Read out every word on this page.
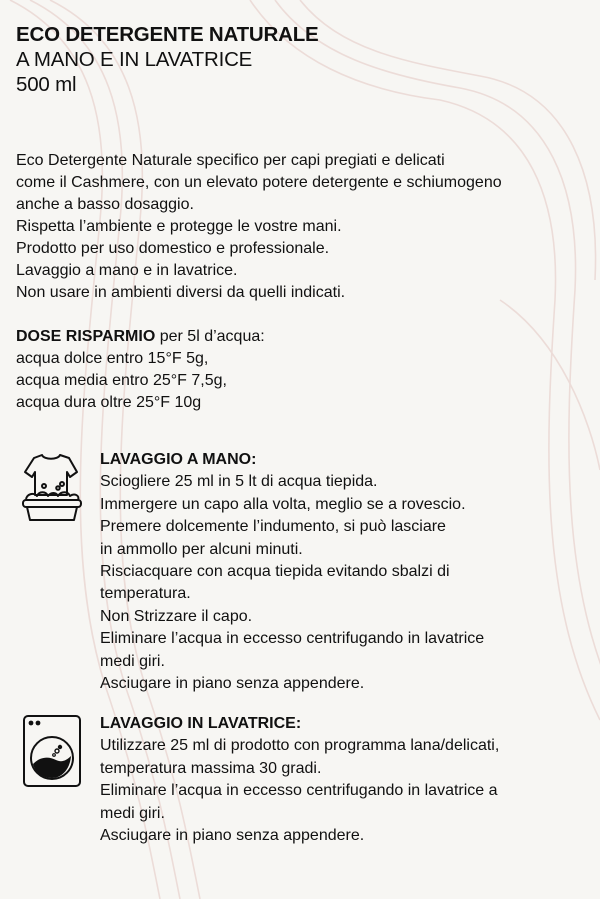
ECO DETERGENTE NATURALE
A MANO E IN LAVATRICE
500 ml
Eco Detergente Naturale specifico per capi pregiati e delicati
come il Cashmere, con un elevato potere detergente e schiumogeno
anche a basso dosaggio.
Rispetta l’ambiente e protegge le vostre mani.
Prodotto per uso domestico e professionale.
Lavaggio a mano e in lavatrice.
Non usare in ambienti diversi da quelli indicati.
DOSE RISPARMIO per 5l d’acqua:
acqua dolce entro 15°F 5g,
acqua media entro 25°F 7,5g,
acqua dura oltre 25°F 10g
LAVAGGIO A MANO:
Sciogliere 25 ml in 5 lt di acqua tiepida.
Immergere un capo alla volta, meglio se a rovescio.
Premere dolcemente l’indumento, si può lasciare
in ammollo per alcuni minuti.
Risciacquare con acqua tiepida evitando sbalzi di
temperatura.
Non Strizzare il capo.
Eliminare l’acqua in eccesso centrifugando in lavatrice
medi giri.
Asciugare in piano senza appendere.
LAVAGGIO IN LAVATRICE:
Utilizzare 25 ml di prodotto con programma lana/delicati,
temperatura massima 30 gradi.
Eliminare l’acqua in eccesso centrifugando in lavatrice a
medi giri.
Asciugare in piano senza appendere.
